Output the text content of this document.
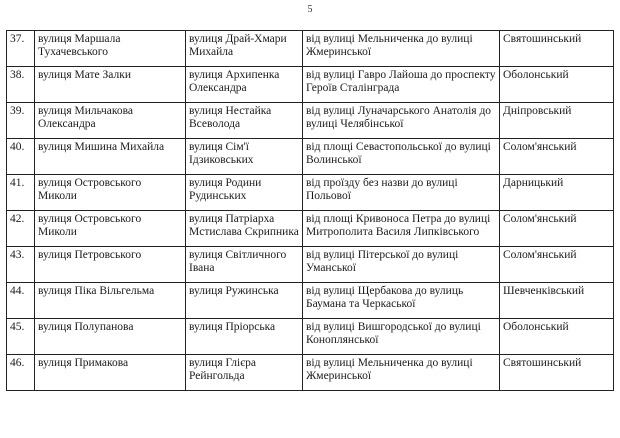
5
37.	вулиця Маршала Тухачевського	вулиця Драй-Хмари Михайла	від вулиці Мельниченка до вулиці Жмеринської	Святошинський
38.	вулиця Мате Залки	вулиця Архипенка Олександра	від вулиці Гавро Лайоша до проспекту Героїв Сталінграда	Оболонський
39.	вулиця Мильчакова Олександра	вулиця Нестайка Всеволода	від вулиці Луначарського Анатолія до вулиці Челябінської	Дніпровський
40.	вулиця Мишина Михайла	вулиця Сім'ї Ідзиковських	від площі Севастопольської до вулиці Волинської	Солом'янський
41.	вулиця Островського Миколи	вулиця Родини Рудинських	від проїзду без назви до вулиці Польової	Дарницький
42.	вулиця Островського Миколи	вулиця Патріарха Мстислава Скрипника	від площі Кривоноса Петра до вулиці Митрополита Василя Липківського	Солом'янський
43.	вулиця Петровського	вулиця Світличного Івана	від вулиці Пітерської до вулиці Уманської	Солом'янський
44.	вулиця Піка Вільгельма	вулиця Ружинська	від вулиці Щербакова до вулиць Баумана та Черкаської	Шевченківський
45.	вулиця Полупанова	вулиця Пріорська	від вулиці Вишгородської до вулиці Коноплянської	Оболонський
46.	вулиця Примакова	вулиця Глієра Рейнгольда	від вулиці Мельниченка до вулиці Жмеринської	Святошинський
